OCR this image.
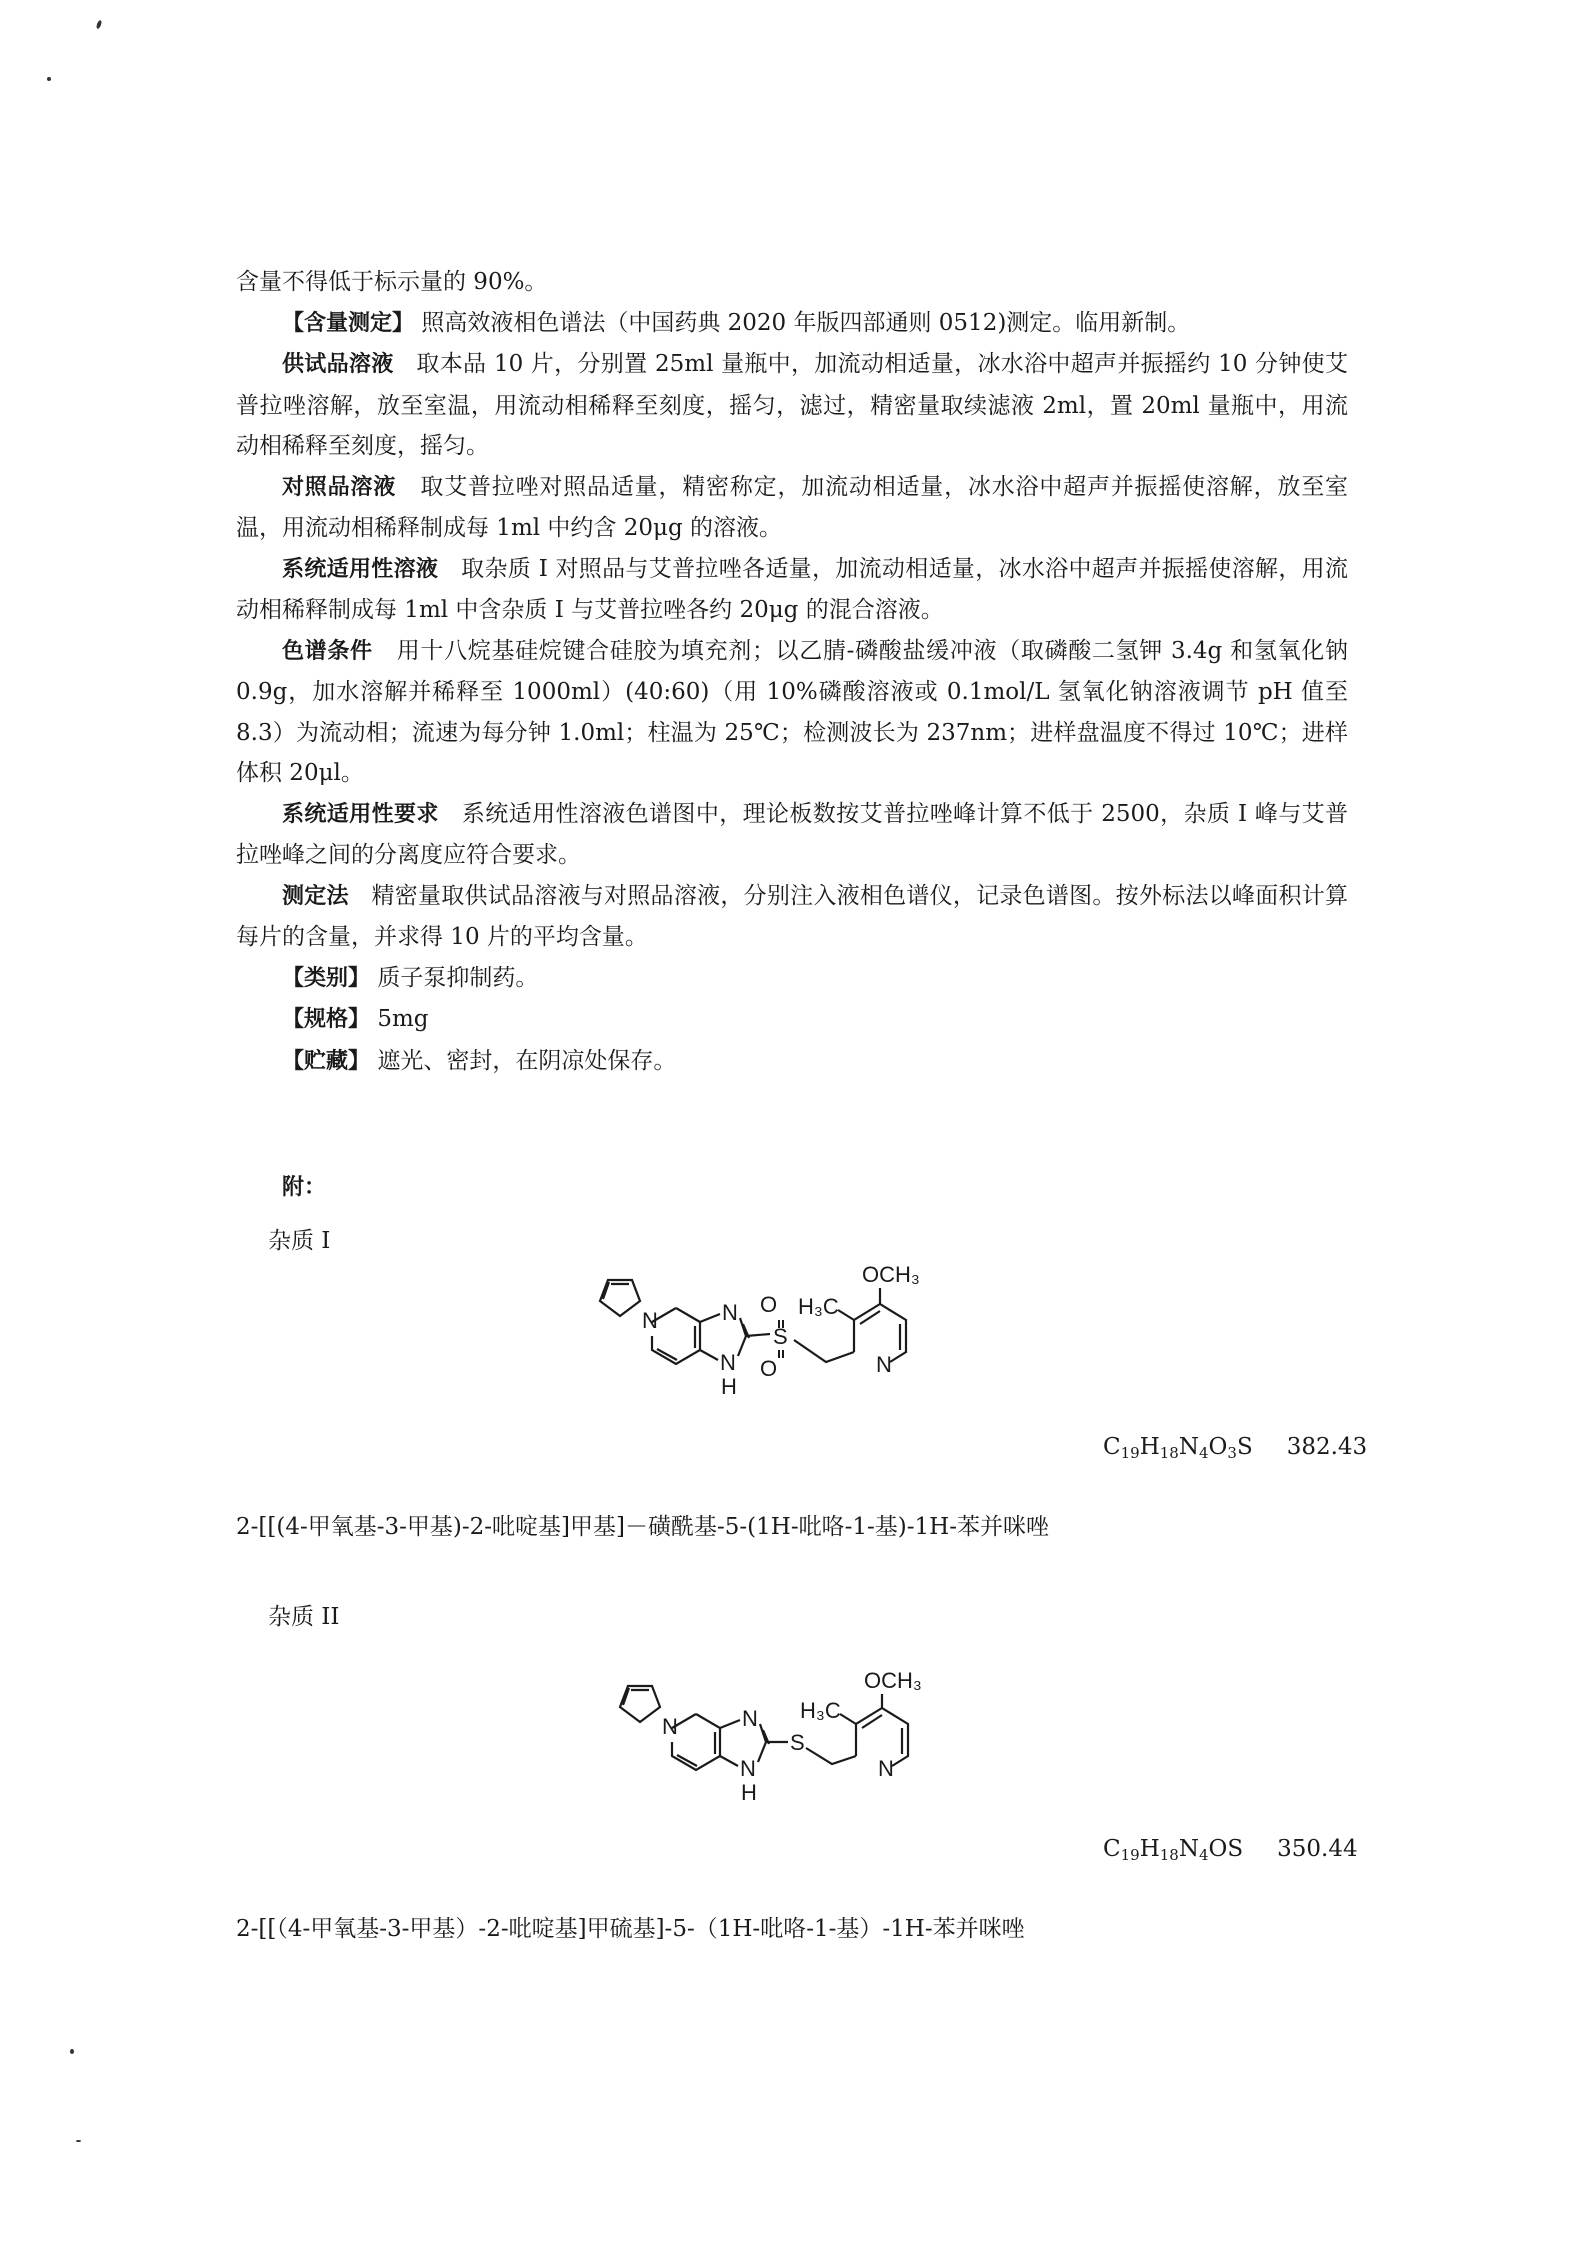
含量不得低于标示量的 90%。

【含量测定】 照高效液相色谱法（中国药典 2020 年版四部通则 0512)测定。临用新制。

供试品溶液 取本品 10 片，分别置 25ml 量瓶中，加流动相适量，冰水浴中超声并振摇约 10 分钟使艾普拉唑溶解，放至室温，用流动相稀释至刻度，摇匀，滤过，精密量取续滤液 2ml，置 20ml 量瓶中，用流动相稀释至刻度，摇匀。

对照品溶液 取艾普拉唑对照品适量，精密称定，加流动相适量，冰水浴中超声并振摇使溶解，放至室温，用流动相稀释制成每 1ml 中约含 20μg 的溶液。

系统适用性溶液 取杂质 I 对照品与艾普拉唑各适量，加流动相适量，冰水浴中超声并振摇使溶解，用流动相稀释制成每 1ml 中含杂质 I 与艾普拉唑各约 20μg 的混合溶液。

色谱条件 用十八烷基硅烷键合硅胶为填充剂；以乙腈-磷酸盐缓冲液（取磷酸二氢钾 3.4g 和氢氧化钠 0.9g，加水溶解并稀释至 1000ml）(40:60)（用 10%磷酸溶液或 0.1mol/L 氢氧化钠溶液调节 pH 值至 8.3）为流动相；流速为每分钟 1.0ml；柱温为 25℃；检测波长为 237nm；进样盘温度不得过 10℃；进样体积 20μl。

系统适用性要求 系统适用性溶液色谱图中，理论板数按艾普拉唑峰计算不低于 2500，杂质 I 峰与艾普拉唑峰之间的分离度应符合要求。

测定法 精密量取供试品溶液与对照品溶液，分别注入液相色谱仪，记录色谱图。按外标法以峰面积计算每片的含量，并求得 10 片的平均含量。

【类别】 质子泵抑制药。

【规格】 5mg

【贮藏】 遮光、密封，在阴凉处保存。

附：
杂质 I
N	N
N
H
S
O
O
H₃C
OCH₃
N
$C_{19}H_{18}N_4O_3S$ 382.43
2-[[(4-甲氧基-3-甲基)-2-吡啶基]甲基]－磺酰基-5-(1H-吡咯-1-基)-1H-苯并咪唑
杂质 II
N	N
N
H
S
H₃C
OCH₃
N
$C_{19}H_{18}N_4OS$ 350.44
2-[[（4-甲氧基-3-甲基）-2-吡啶基]甲硫基]-5-（1H-吡咯-1-基）-1H-苯并咪唑
